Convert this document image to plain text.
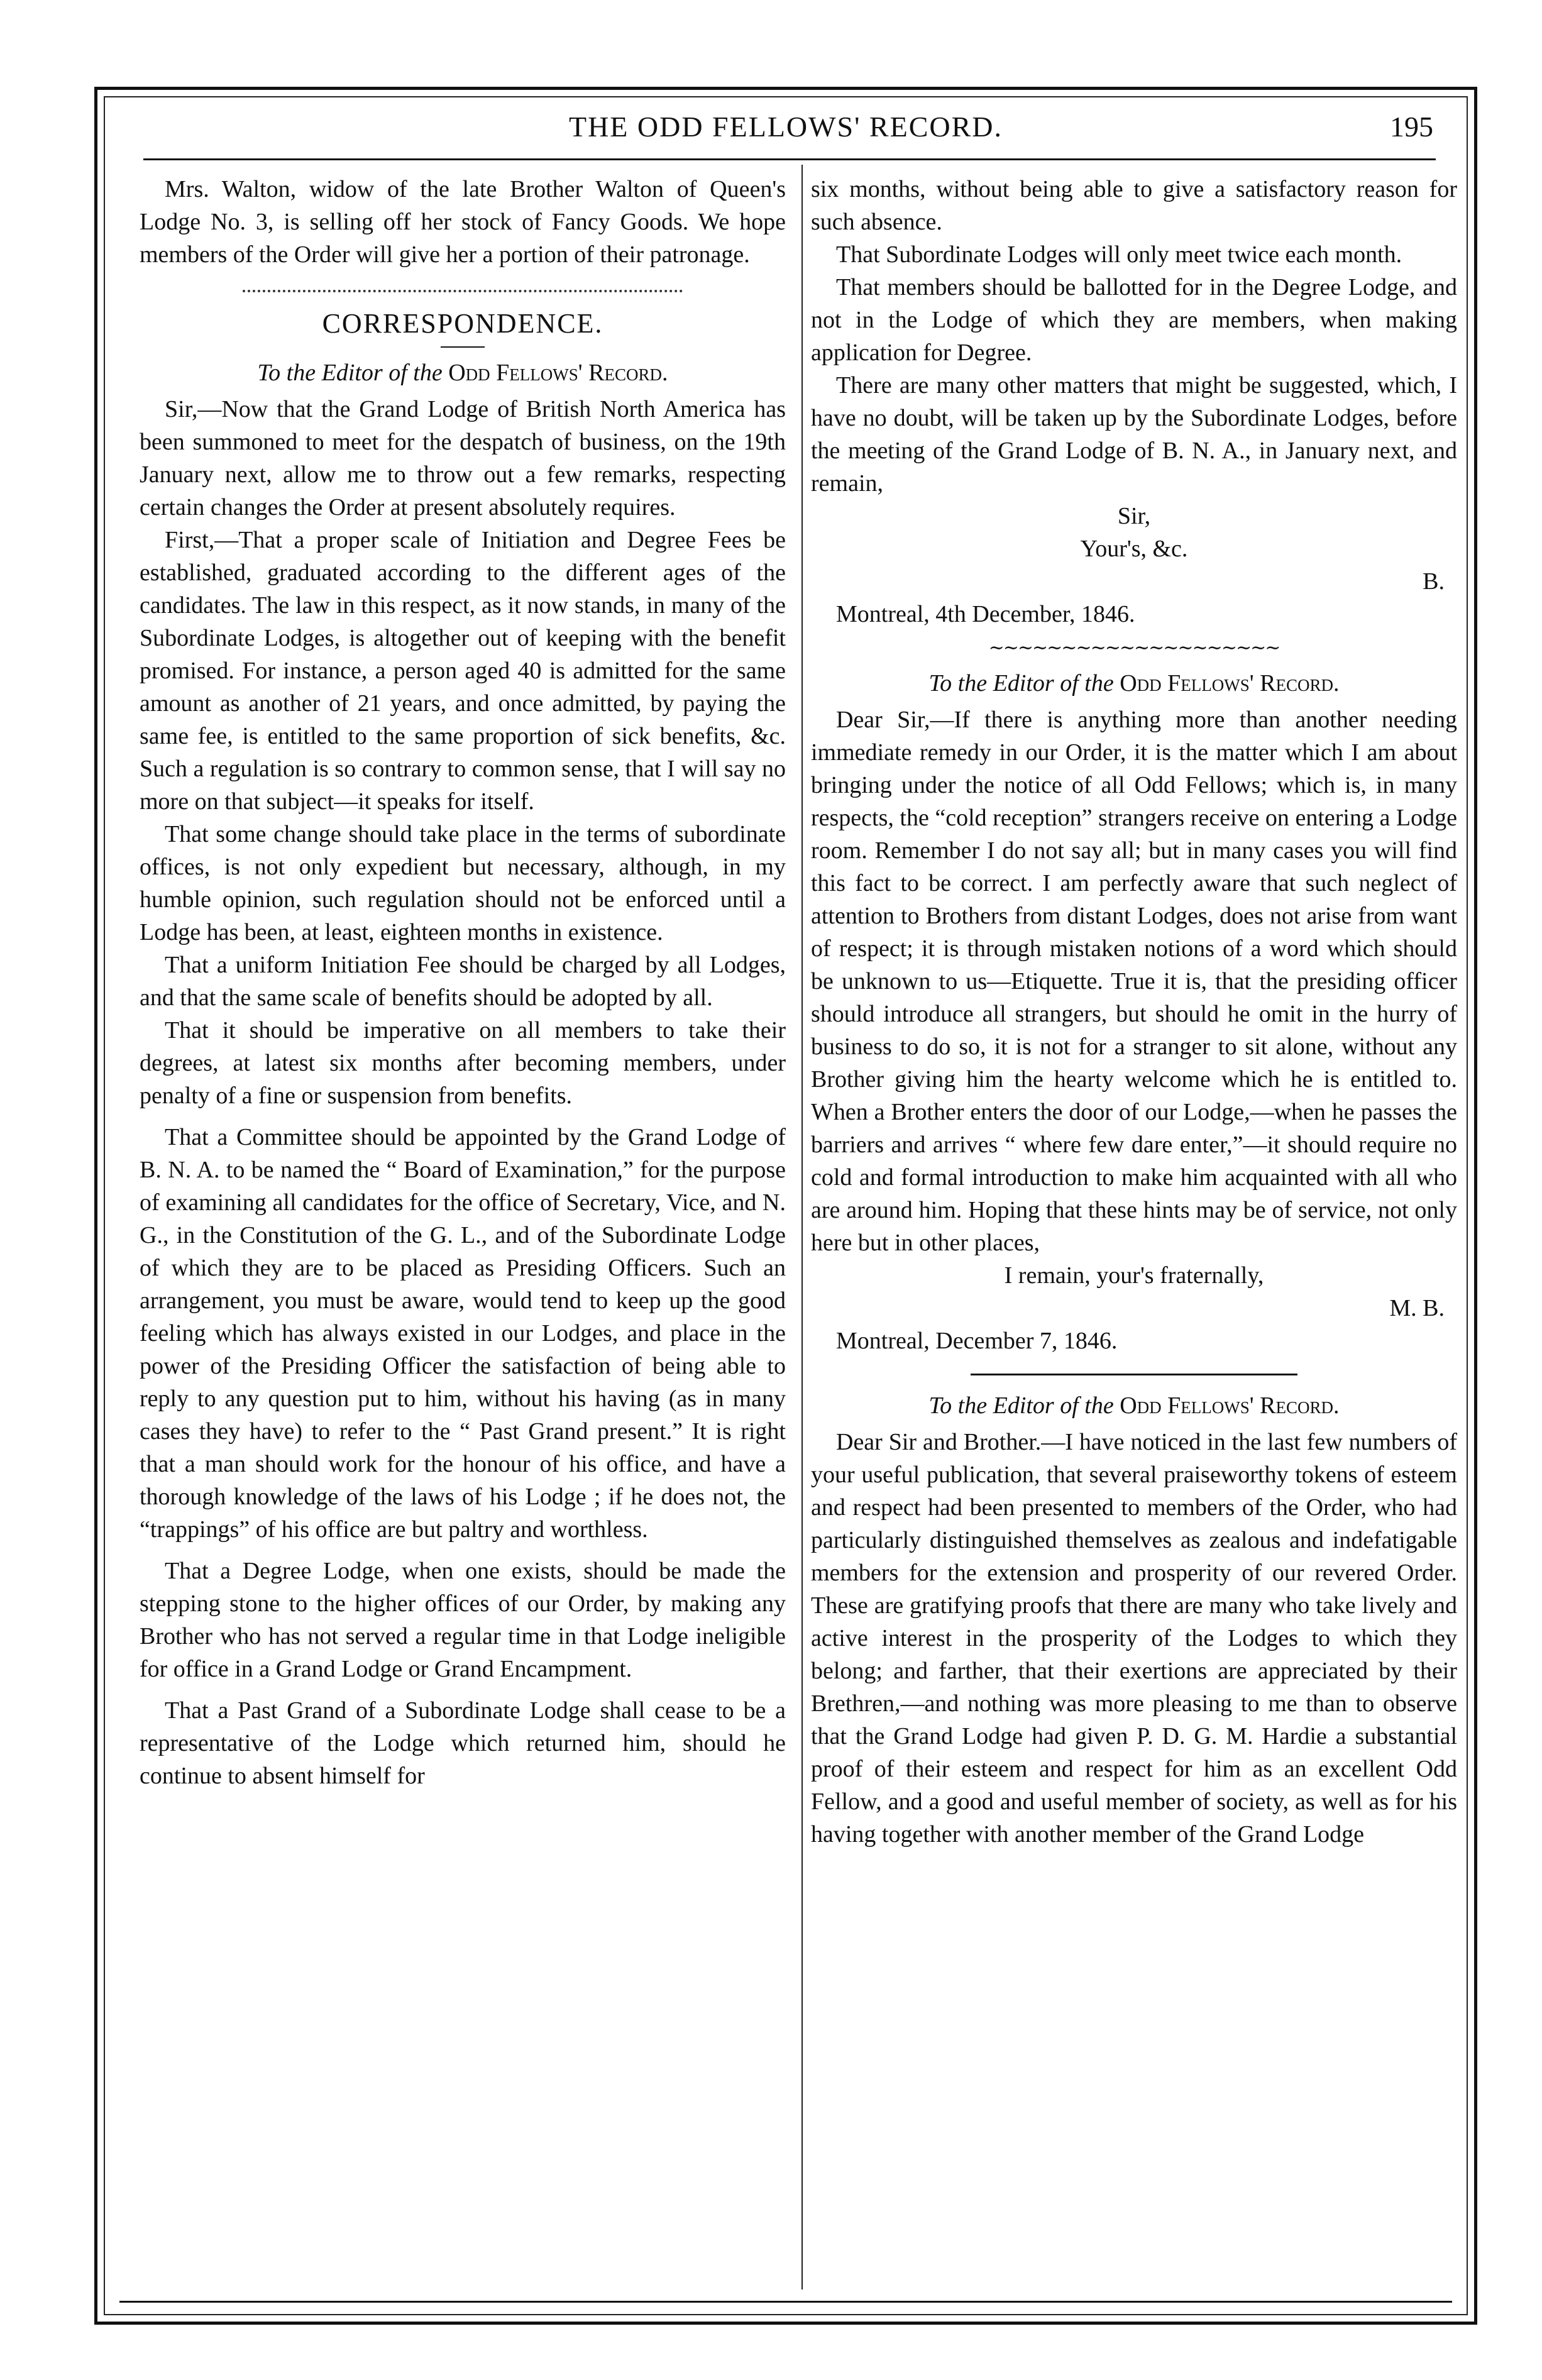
THE ODD FELLOWS' RECORD.	195

Mrs. Walton, widow of the late Brother Walton of Queen's Lodge No. 3, is selling off her stock of Fancy Goods. We hope members of the Order will give her a portion of their patronage.

CORRESPONDENCE.
To the Editor of the Odd Fellows' Record.

Sir,—Now that the Grand Lodge of British North America has been summoned to meet for the despatch of business, on the 19th January next, allow me to throw out a few remarks, respecting certain changes the Order at present absolutely requires.

First,—That a proper scale of Initiation and Degree Fees be established, graduated according to the different ages of the candidates. The law in this respect, as it now stands, in many of the Subordinate Lodges, is altogether out of keeping with the benefit promised. For instance, a person aged 40 is admitted for the same amount as another of 21 years, and once admitted, by paying the same fee, is entitled to the same proportion of sick benefits, &c. Such a regulation is so contrary to common sense, that I will say no more on that subject—it speaks for itself.

That some change should take place in the terms of subordinate offices, is not only expedient but necessary, although, in my humble opinion, such regulation should not be enforced until a Lodge has been, at least, eighteen months in existence.

That a uniform Initiation Fee should be charged by all Lodges, and that the same scale of benefits should be adopted by all.

That it should be imperative on all members to take their degrees, at latest six months after becoming members, under penalty of a fine or suspension from benefits.

That a Committee should be appointed by the Grand Lodge of B. N. A. to be named the “ Board of Examination,” for the purpose of examining all candidates for the office of Secretary, Vice, and N. G., in the Constitution of the G. L., and of the Subordinate Lodge of which they are to be placed as Presiding Officers. Such an arrangement, you must be aware, would tend to keep up the good feeling which has always existed in our Lodges, and place in the power of the Presiding Officer the satisfaction of being able to reply to any question put to him, without his having (as in many cases they have) to refer to the “ Past Grand present.” It is right that a man should work for the honour of his office, and have a thorough knowledge of the laws of his Lodge ; if he does not, the “trappings” of his office are but paltry and worthless.

That a Degree Lodge, when one exists, should be made the stepping stone to the higher offices of our Order, by making any Brother who has not served a regular time in that Lodge ineligible for office in a Grand Lodge or Grand Encampment.

That a Past Grand of a Subordinate Lodge shall cease to be a representative of the Lodge which returned him, should he continue to absent himself for

six months, without being able to give a satisfactory reason for such absence.

That Subordinate Lodges will only meet twice each month.

That members should be ballotted for in the Degree Lodge, and not in the Lodge of which they are members, when making application for Degree.

There are many other matters that might be suggested, which, I have no doubt, will be taken up by the Subordinate Lodges, before the meeting of the Grand Lodge of B. N. A., in January next, and remain,

Sir,
Your's, &c.
B.
Montreal, 4th December, 1846.
∼∼∼∼∼∼∼∼∼∼∼∼∼∼∼∼∼∼∼∼
To the Editor of the Odd Fellows' Record.

Dear Sir,—If there is anything more than another needing immediate remedy in our Order, it is the matter which I am about bringing under the notice of all Odd Fellows; which is, in many respects, the “cold reception” strangers receive on entering a Lodge room. Remember I do not say all; but in many cases you will find this fact to be correct. I am perfectly aware that such neglect of attention to Brothers from distant Lodges, does not arise from want of respect; it is through mistaken notions of a word which should be unknown to us—Etiquette. True it is, that the presiding officer should introduce all strangers, but should he omit in the hurry of business to do so, it is not for a stranger to sit alone, without any Brother giving him the hearty welcome which he is entitled to. When a Brother enters the door of our Lodge,—when he passes the barriers and arrives “ where few dare enter,”—it should require no cold and formal introduction to make him acquainted with all who are around him. Hoping that these hints may be of service, not only here but in other places,

I remain, your's fraternally,
M. B.
Montreal, December 7, 1846.
To the Editor of the Odd Fellows' Record.

Dear Sir and Brother.—I have noticed in the last few numbers of your useful publication, that several praiseworthy tokens of esteem and respect had been presented to members of the Order, who had particularly distinguished themselves as zealous and indefatigable members for the extension and prosperity of our revered Order. These are gratifying proofs that there are many who take lively and active interest in the prosperity of the Lodges to which they belong; and farther, that their exertions are appreciated by their Brethren,—and nothing was more pleasing to me than to observe that the Grand Lodge had given P. D. G. M. Hardie a substantial proof of their esteem and respect for him as an excellent Odd Fellow, and a good and useful member of society, as well as for his having together with another member of the Grand Lodge
